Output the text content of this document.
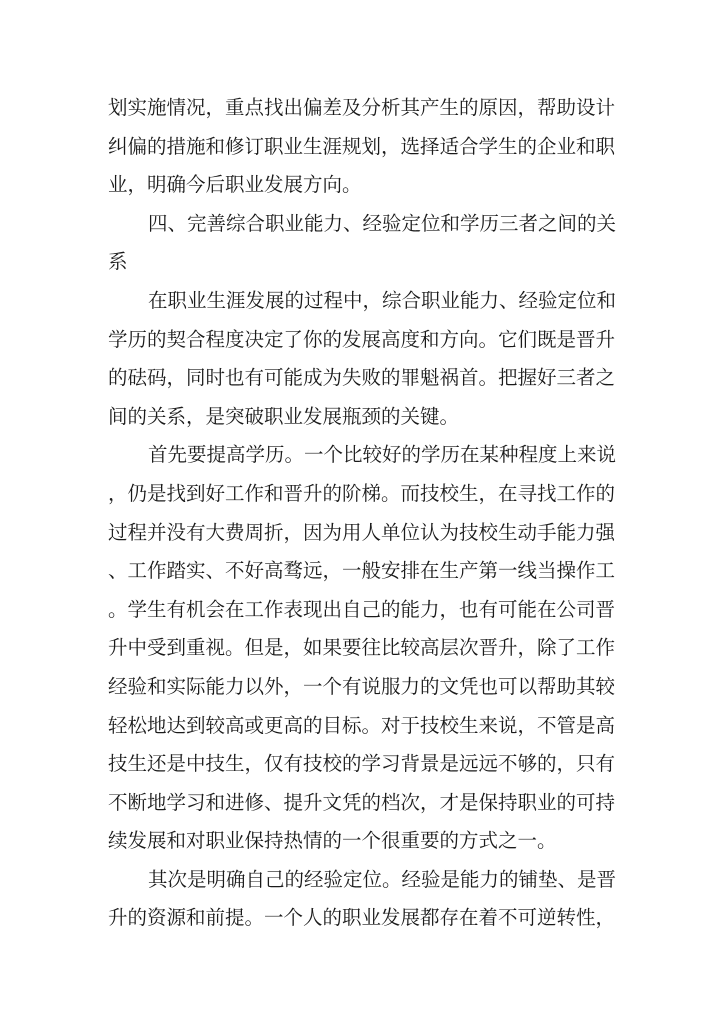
划实施情况，重点找出偏差及分析其产生的原因，帮助设计
纠偏的措施和修订职业生涯规划，选择适合学生的企业和职
业，明确今后职业发展方向。
四、完善综合职业能力、经验定位和学历三者之间的关
系
在职业生涯发展的过程中，综合职业能力、经验定位和
学历的契合程度决定了你的发展高度和方向。它们既是晋升
的砝码，同时也有可能成为失败的罪魁祸首。把握好三者之
间的关系，是突破职业发展瓶颈的关键。
首先要提高学历。一个比较好的学历在某种程度上来说
，仍是找到好工作和晋升的阶梯。而技校生，在寻找工作的
过程并没有大费周折，因为用人单位认为技校生动手能力强
、工作踏实、不好高骛远，一般安排在生产第一线当操作工
。学生有机会在工作表现出自己的能力，也有可能在公司晋
升中受到重视。但是，如果要往比较高层次晋升，除了工作
经验和实际能力以外，一个有说服力的文凭也可以帮助其较
轻松地达到较高或更高的目标。对于技校生来说，不管是高
技生还是中技生，仅有技校的学习背景是远远不够的，只有
不断地学习和进修、提升文凭的档次，才是保持职业的可持
续发展和对职业保持热情的一个很重要的方式之一。
其次是明确自己的经验定位。经验是能力的铺垫、是晋
升的资源和前提。一个人的职业发展都存在着不可逆转性，
